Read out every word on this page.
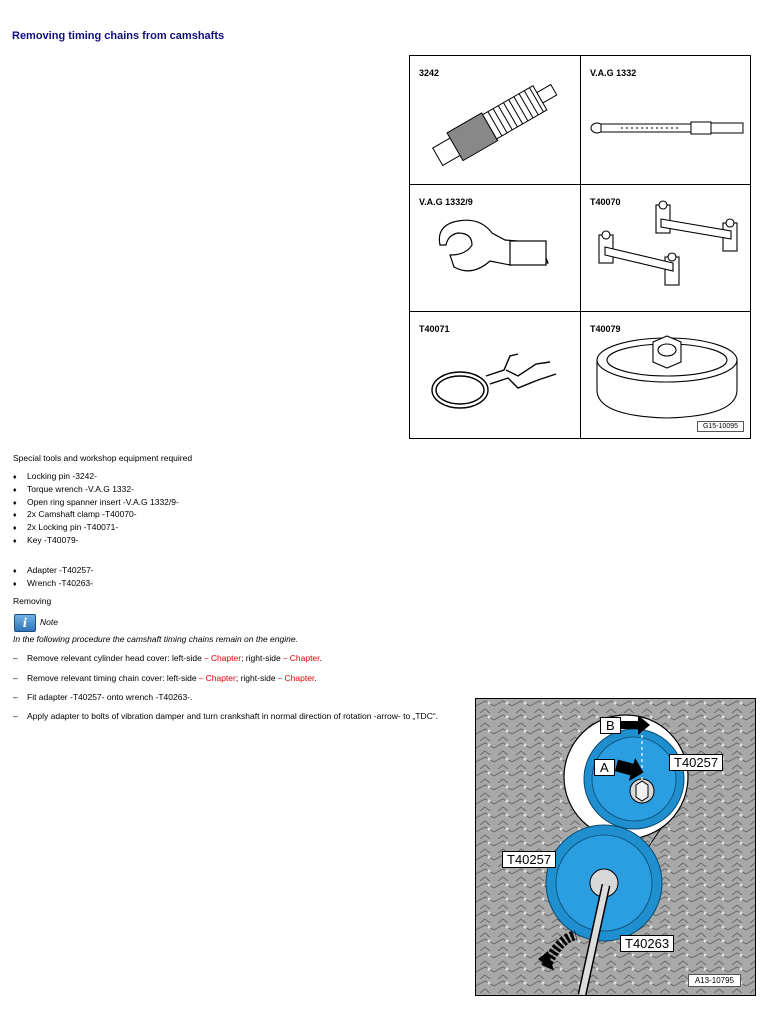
Removing timing chains from camshafts
3242	V.A.G 1332
V.A.G 1332/9	T40070
T40071	T40079
G15-10095
Special tools and workshop equipment required
♦ Locking pin -3242-
♦ Torque wrench -V.A.G 1332-
♦ Open ring spanner insert -V.A.G 1332/9-
♦ 2x Camshaft clamp -T40070-
♦ 2x Locking pin -T40071-
♦ Key -T40079-
♦ Adapter -T40257-
♦ Wrench -T40263-
Removing
i	Note
In the following procedure the camshaft timing chains remain on the engine.
– Remove relevant cylinder head cover: left-side ⎯ Chapter; right-side ⎯ Chapter.
– Remove relevant timing chain cover: left-side ⎯ Chapter; right-side ⎯ Chapter.
– Fit adapter -T40257- onto wrench -T40263-.
– Apply adapter to bolts of vibration damper and turn crankshaft in normal direction of rotation -arrow- to „TDC“.
B
A	T40257
T40257
T40263
A13-10795
